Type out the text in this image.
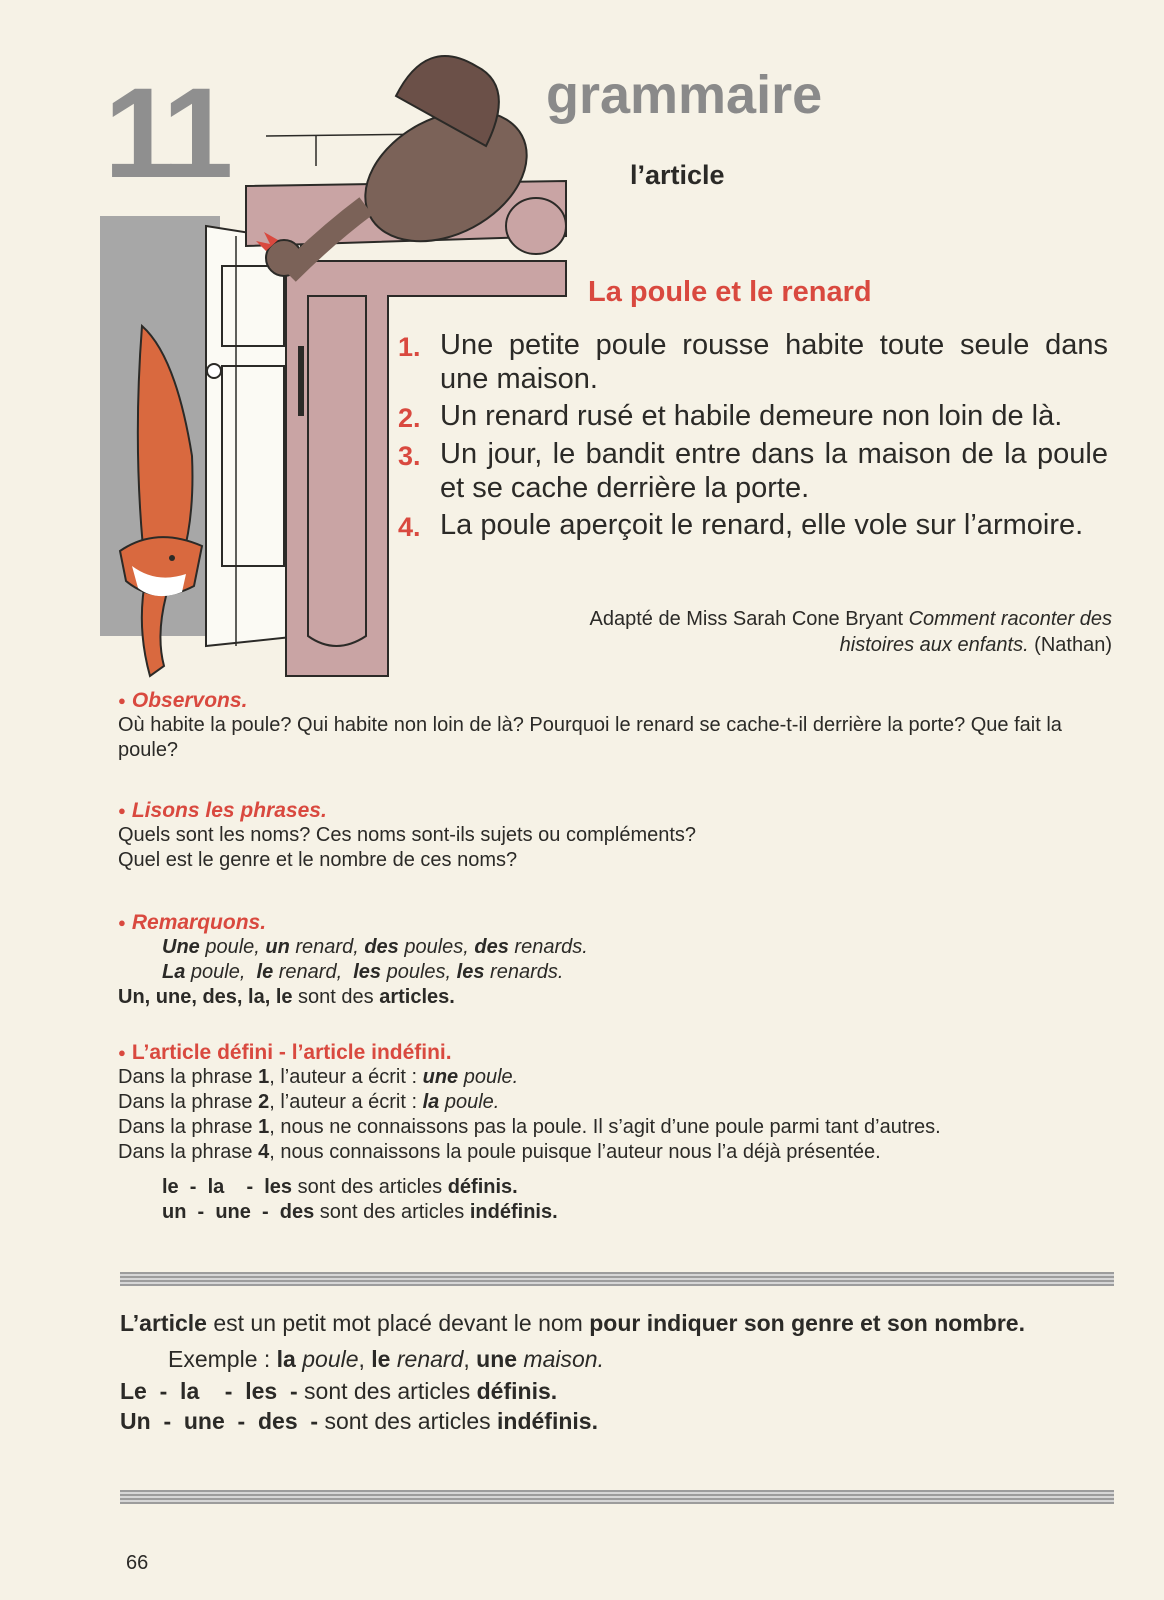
11	grammaire
l’article
La poule et le renard
1. Une petite poule rousse habite toute seule dans une maison.
2. Un renard rusé et habile demeure non loin de là.
3. Un jour, le bandit entre dans la maison de la poule et se cache derrière la porte.
4. La poule aperçoit le renard, elle vole sur l’armoire.
Adapté de Miss Sarah Cone Bryant Comment raconter des histoires aux enfants. (Nathan)
● Observons.
Où habite la poule? Qui habite non loin de là? Pourquoi le renard se cache-t-il derrière la porte? Que fait la poule?
● Lisons les phrases.
Quels sont les noms? Ces noms sont-ils sujets ou compléments?
Quel est le genre et le nombre de ces noms?
● Remarquons.
Une poule, un renard, des poules, des renards.
La poule,  le renard,  les poules, les renards.
Un, une, des, la, le sont des articles.
● L’article défini - l’article indéfini.
Dans la phrase 1, l’auteur a écrit : une poule.
Dans la phrase 2, l’auteur a écrit : la poule.
Dans la phrase 1, nous ne connaissons pas la poule. Il s’agit d’une poule parmi tant d’autres.
Dans la phrase 4, nous connaissons la poule puisque l’auteur nous l’a déjà présentée.
le  -  la    -  les sont des articles définis.
un  -  une  -  des sont des articles indéfinis.
L’article est un petit mot placé devant le nom pour indiquer son genre et son nombre.
Exemple : la poule, le renard, une maison.
Le  -  la    -  les  - sont des articles définis.
Un  -  une  -  des  - sont des articles indéfinis.
66
